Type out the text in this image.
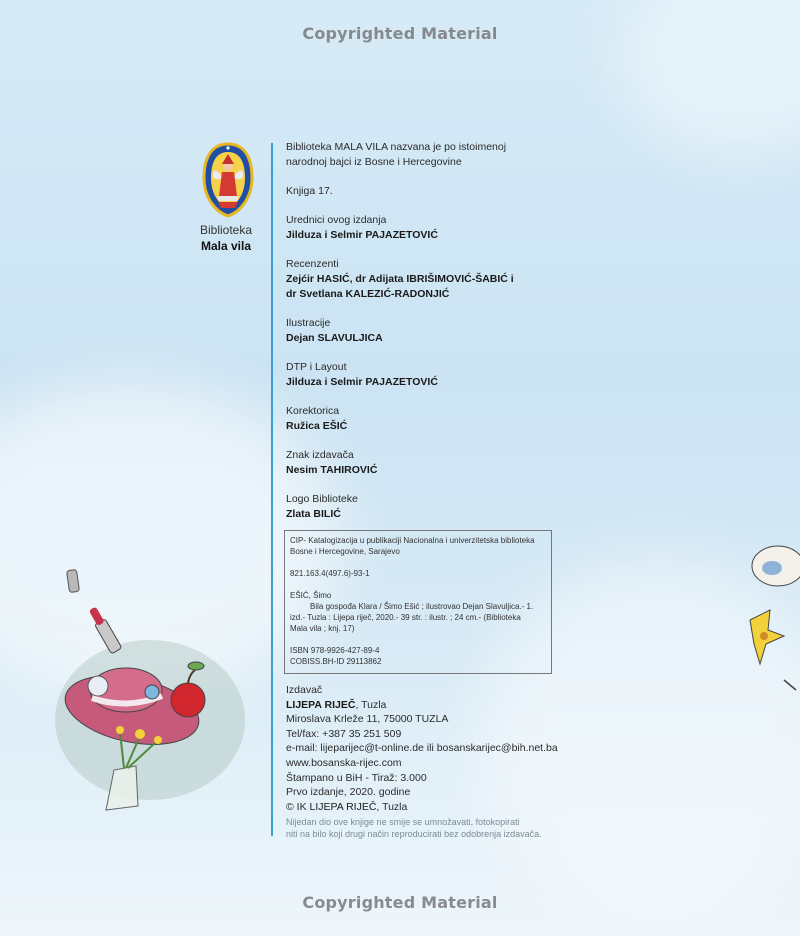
Copyrighted Material
Copyrighted Material
Biblioteka
Mala vila
Biblioteka MALA VILA nazvana je po istoimenoj
narodnoj bajci iz Bosne i Hercegovine
Knjiga 17.
Urednici ovog izdanja
Jilduza i Selmir PAJAZETOVIĆ
Recenzenti
Zejćir HASIĆ, dr Adijata IBRIŠIMOVIĆ-ŠABIĆ i
dr Svetlana KALEZIĆ-RADONJIĆ
Ilustracije
Dejan SLAVULJICA
DTP i Layout
Jilduza i Selmir PAJAZETOVIĆ
Korektorica
Ružica EŠIĆ
Znak izdavača
Nesim TAHIROVIĆ
Logo Biblioteke
Zlata BILIĆ
CIP- Katalogizacija u publikaciji Nacionalna i univerzitetska biblioteka
Bosne i Hercegovine, Sarajevo
821.163.4(497.6)-93-1
EŠIĆ, Šimo
Bila gospođa Klara / Šimo Ešić ; ilustrovao Dejan Slavuljica.- 1.
izd.- Tuzla : Lijepa riječ, 2020.- 39 str. : ilustr. ; 24 cm.- (Biblioteka
Mala vila ; knj. 17)
ISBN 978-9926-427-89-4
COBISS.BH-ID 29113862
Izdavač
LIJEPA RIJEČ, Tuzla
Miroslava Krleže 11, 75000 TUZLA
Tel/fax: +387 35 251 509
e-mail: lijeparijec@t-online.de ili bosanskarijec@bih.net.ba
www.bosanska-rijec.com
Štampano u BiH - Tiraž: 3.000
Prvo izdanje, 2020. godine
© IK LIJEPA RIJEČ, Tuzla
Nijedan dio ove knjige ne smije se umnožavati, fotokopirati
niti na bilo koji drugi način reproducirati bez odobrenja izdavača.
